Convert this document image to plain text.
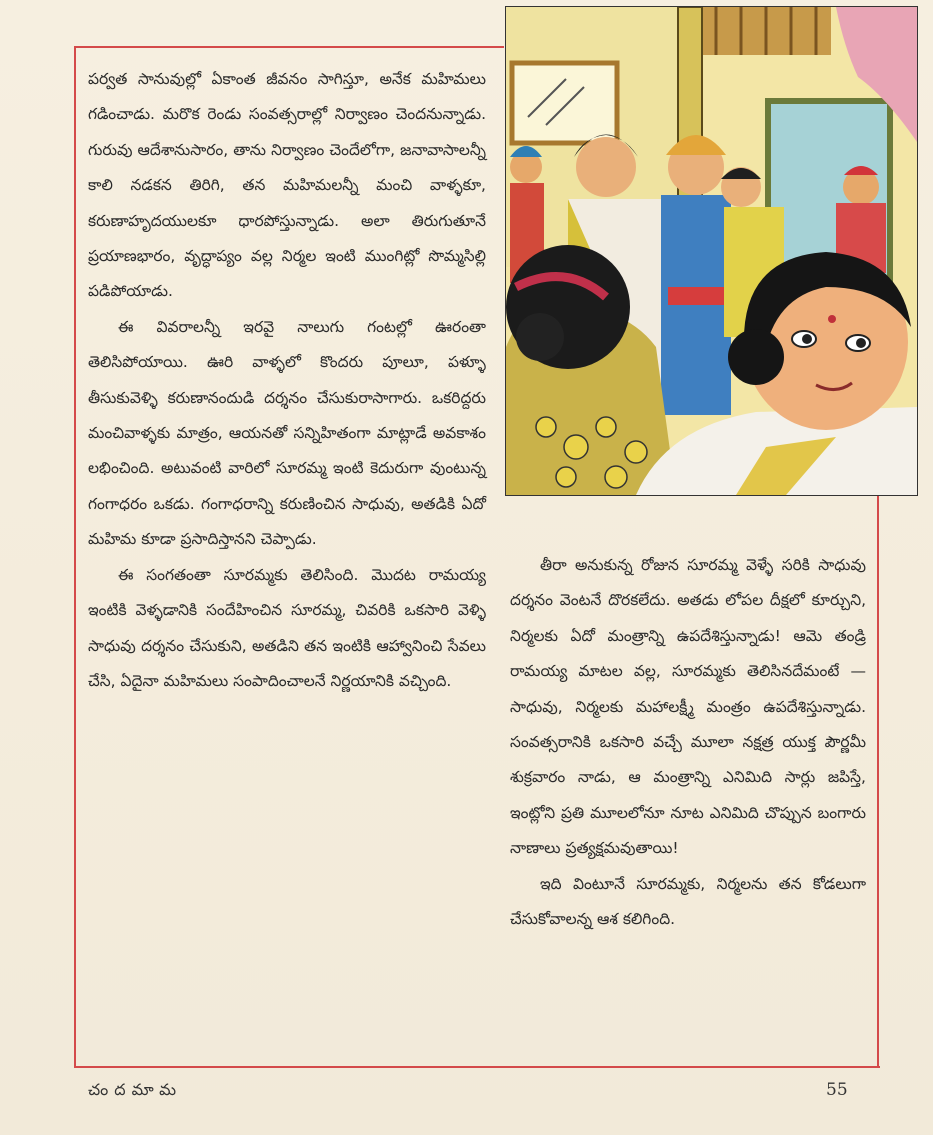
పర్వత సానువుల్లో ఏకాంత జీవనం సాగిస్తూ, అనేక మహిమలు గడించాడు. మరొక రెండు సంవత్సరాల్లో నిర్వాణం చెందనున్నాడు. గురువు ఆదేశానుసారం, తాను నిర్వాణం చెందేలోగా, జనావాసాలన్నీ కాలి నడకన తిరిగి, తన మహిమలన్నీ మంచి వాళ్ళకూ, కరుణాహృదయులకూ ధారపోస్తున్నాడు. అలా తిరుగుతూనే ప్రయాణభారం, వృద్ధాప్యం వల్ల నిర్మల ఇంటి ముంగిట్లో సొమ్మసిల్లి పడిపోయాడు.

ఈ వివరాలన్నీ ఇరవై నాలుగు గంటల్లో ఊరంతా తెలిసిపోయాయి. ఊరి వాళ్ళలో కొందరు పూలూ, పళ్ళూ తీసుకువెళ్ళి కరుణానందుడి దర్శనం చేసుకురాసాగారు. ఒకరిద్దరు మంచివాళ్ళకు మాత్రం, ఆయనతో సన్నిహితంగా మాట్లాడే అవకాశం లభించింది. అటువంటి వారిలో సూరమ్మ ఇంటి కెదురుగా వుంటున్న గంగాధరం ఒకడు. గంగాధరాన్ని కరుణించిన సాధువు, అతడికి ఏదో మహిమ కూడా ప్రసాదిస్తానని చెప్పాడు.

ఈ సంగతంతా సూరమ్మకు తెలిసింది. మొదట రామయ్య ఇంటికి వెళ్ళడానికి సందేహించిన సూరమ్మ, చివరికి ఒకసారి వెళ్ళి సాధువు దర్శనం చేసుకుని, అతడిని తన ఇంటికి ఆహ్వానించి సేవలు చేసి, ఏదైనా మహిమలు సంపాదించాలనే నిర్ణయానికి వచ్చింది.

తీరా అనుకున్న రోజున సూరమ్మ వెళ్ళే సరికి సాధువు దర్శనం వెంటనే దొరకలేదు. అతడు లోపల దీక్షలో కూర్చుని, నిర్మలకు ఏదో మంత్రాన్ని ఉపదేశిస్తున్నాడు! ఆమె తండ్రి రామయ్య మాటల వల్ల, సూరమ్మకు తెలిసినదేమంటే — సాధువు, నిర్మలకు మహాలక్ష్మీ మంత్రం ఉపదేశిస్తున్నాడు. సంవత్సరానికి ఒకసారి వచ్చే మూలా నక్షత్ర యుక్త పౌర్ణమీ శుక్రవారం నాడు, ఆ మంత్రాన్ని ఎనిమిది సార్లు జపిస్తే, ఇంట్లోని ప్రతి మూలలోనూ నూట ఎనిమిది చొప్పున బంగారు నాణాలు ప్రత్యక్షమవుతాయి!

ఇది వింటూనే సూరమ్మకు, నిర్మలను తన కోడలుగా చేసుకోవాలన్న ఆశ కలిగింది.

చందమామ	55
